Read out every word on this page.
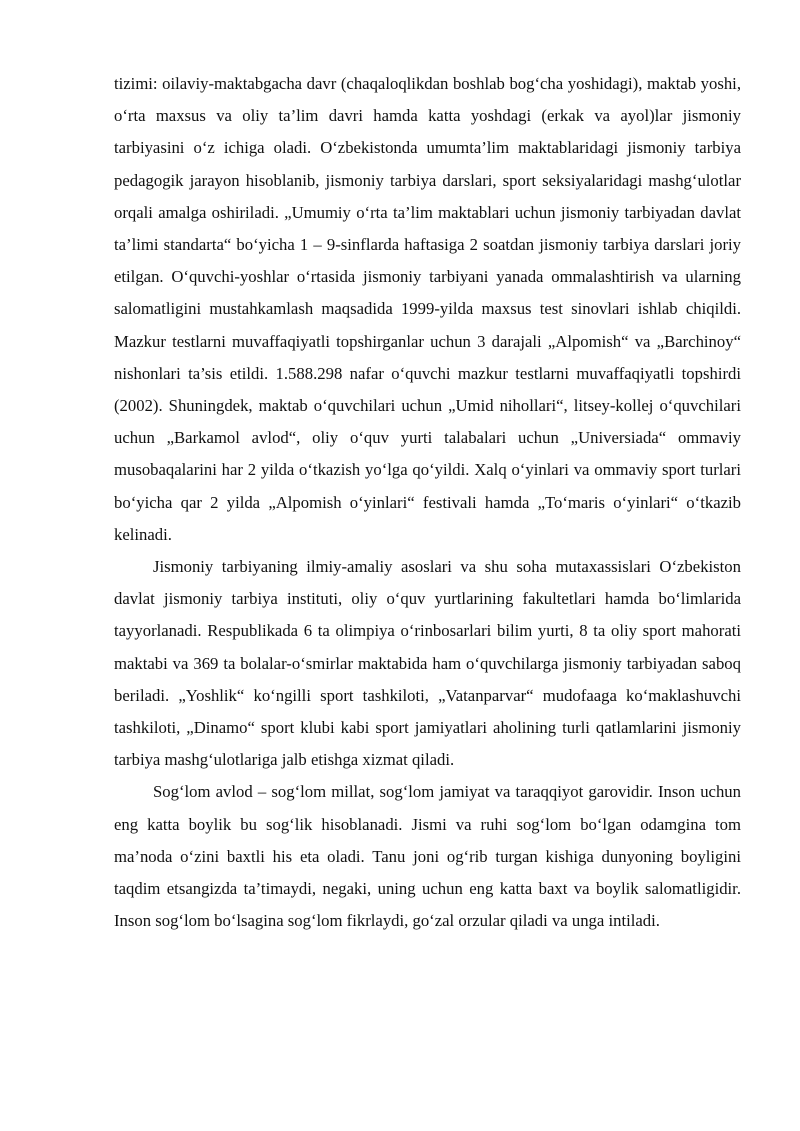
tizimi: oilaviy-maktabgacha davr (chaqaloqlikdan boshlab bog‘cha yoshidagi), maktab yoshi, o‘rta maxsus va oliy ta’lim davri hamda katta yoshdagi (erkak va ayol)lar jismoniy tarbiyasini o‘z ichiga oladi. O‘zbekistonda umumta’lim maktablaridagi jismoniy tarbiya pedagogik jarayon hisoblanib, jismoniy tarbiya darslari, sport seksiyalaridagi mashg‘ulotlar orqali amalga oshiriladi. „Umumiy o‘rta ta’lim maktablari uchun jismoniy tarbiyadan davlat ta’limi standarta“ bo‘yicha 1 – 9-sinflarda haftasiga 2 soatdan jismoniy tarbiya darslari joriy etilgan. O‘quvchi-yoshlar o‘rtasida jismoniy tarbiyani yanada ommalashtirish va ularning salomatligini mustahkamlash maqsadida 1999-yilda maxsus test sinovlari ishlab chiqildi. Mazkur testlarni muvaffaqiyatli topshirganlar uchun 3 darajali „Alpomish“ va „Barchinoy“ nishonlari ta’sis etildi. 1.588.298 nafar o‘quvchi mazkur testlarni muvaffaqiyatli topshirdi (2002). Shuningdek, maktab o‘quvchilari uchun „Umid nihollari“, litsey-kollej o‘quvchilari uchun „Barkamol avlod“, oliy o‘quv yurti talabalari uchun „Universiada“ ommaviy musobaqalarini har 2 yilda o‘tkazish yo‘lga qo‘yildi. Xalq o‘yinlari va ommaviy sport turlari bo‘yicha qar 2 yilda „Alpomish o‘yinlari“ festivali hamda „To‘maris o‘yinlari“ o‘tkazib kelinadi.

Jismoniy tarbiyaning ilmiy-amaliy asoslari va shu soha mutaxassislari O‘zbekiston davlat jismoniy tarbiya instituti, oliy o‘quv yurtlarining fakultetlari hamda bo‘limlarida tayyorlanadi. Respublikada 6 ta olimpiya o‘rinbosarlari bilim yurti, 8 ta oliy sport mahorati maktabi va 369 ta bolalar-o‘smirlar maktabida ham o‘quvchilarga jismoniy tarbiyadan saboq beriladi. „Yoshlik“ ko‘ngilli sport tashkiloti, „Vatanparvar“ mudofaaga ko‘maklashuvchi tashkiloti, „Dinamo“ sport klubi kabi sport jamiyatlari aholining turli qatlamlarini jismoniy tarbiya mashg‘ulotlariga jalb etishga xizmat qiladi.

Sog‘lom avlod – sog‘lom millat, sog‘lom jamiyat va taraqqiyot garovidir. Inson uchun eng katta boylik bu sog‘lik hisoblanadi. Jismi va ruhi sog‘lom bo‘lgan odamgina tom ma’noda o‘zini baxtli his eta oladi. Tanu joni og‘rib turgan kishiga dunyoning boyligini taqdim etsangizda ta’timaydi, negaki, uning uchun eng katta baxt va boylik salomatligidir. Inson sog‘lom bo‘lsagina sog‘lom fikrlaydi, go‘zal orzular qiladi va unga intiladi.
